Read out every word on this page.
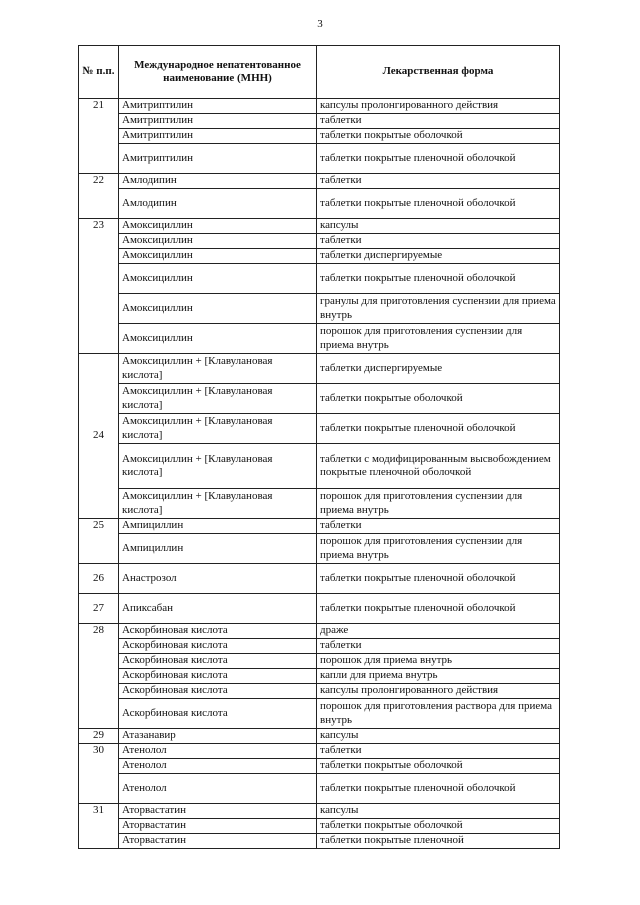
3
№ п.п.	Международное непатентованное наименование (МНН)	Лекарственная форма
21	Амитриптилин	капсулы пролонгированного действия
	Амитриптилин	таблетки
	Амитриптилин	таблетки покрытые оболочкой
	Амитриптилин	таблетки покрытые пленочной оболочкой
22	Амлодипин	таблетки
	Амлодипин	таблетки покрытые пленочной оболочкой
23	Амоксициллин	капсулы
	Амоксициллин	таблетки
	Амоксициллин	таблетки диспергируемые
	Амоксициллин	таблетки покрытые пленочной оболочкой
	Амоксициллин	гранулы для приготовления суспензии для приема внутрь
	Амоксициллин	порошок для приготовления суспензии для приема внутрь
24	Амоксициллин + [Клавулановая кислота]	таблетки диспергируемые
	Амоксициллин + [Клавулановая кислота]	таблетки покрытые оболочкой
	Амоксициллин + [Клавулановая кислота]	таблетки покрытые пленочной оболочкой
	Амоксициллин + [Клавулановая кислота]	таблетки с модифицированным высвобождением покрытые пленочной оболочкой
	Амоксициллин + [Клавулановая кислота]	порошок для приготовления суспензии для приема внутрь
25	Ампициллин	таблетки
	Ампициллин	порошок для приготовления суспензии для приема внутрь
26	Анастрозол	таблетки покрытые пленочной оболочкой
27	Апиксабан	таблетки покрытые пленочной оболочкой
28	Аскорбиновая кислота	драже
	Аскорбиновая кислота	таблетки
	Аскорбиновая кислота	порошок для приема внутрь
	Аскорбиновая кислота	капли для приема внутрь
	Аскорбиновая кислота	капсулы пролонгированного действия
	Аскорбиновая кислота	порошок для приготовления раствора для приема внутрь
29	Атазанавир	капсулы
30	Атенолол	таблетки
	Атенолол	таблетки покрытые оболочкой
	Атенолол	таблетки покрытые пленочной оболочкой
31	Аторвастатин	капсулы
	Аторвастатин	таблетки покрытые оболочкой
	Аторвастатин	таблетки покрытые пленочной
